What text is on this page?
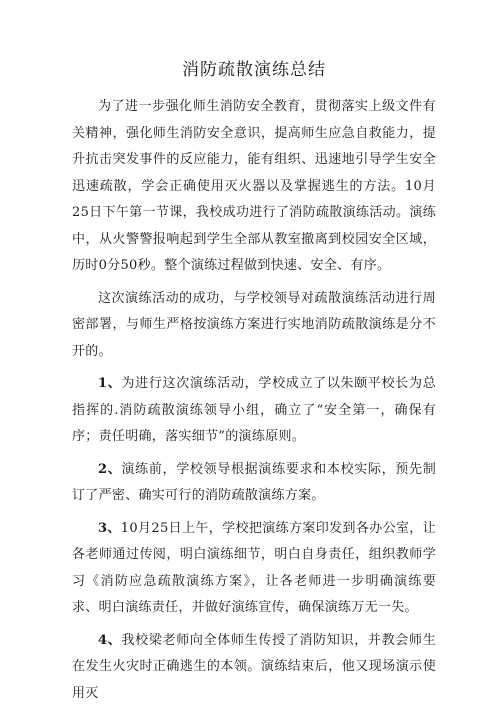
消防疏散演练总结

为了进一步强化师生消防安全教育，贯彻落实上级文件有关精神，强化师生消防安全意识，提高师生应急自救能力，提升抗击突发事件的反应能力，能有组织、迅速地引导学生安全迅速疏散，学会正确使用灭火器以及掌握逃生的方法。10月25日下午第一节课，我校成功进行了消防疏散演练活动。演练中，从火警警报响起到学生全部从教室撤离到校园安全区域，历时0分50秒。整个演练过程做到快速、安全、有序。

这次演练活动的成功，与学校领导对疏散演练活动进行周密部署，与师生严格按演练方案进行实地消防疏散演练是分不开的。

1、为进行这次演练活动，学校成立了以朱颐平校长为总指挥的.消防疏散演练领导小组，确立了“安全第一，确保有序；责任明确，落实细节”的演练原则。

2、演练前，学校领导根据演练要求和本校实际，预先制订了严密、确实可行的消防疏散演练方案。

3、10月25日上午，学校把演练方案印发到各办公室，让各老师通过传阅，明白演练细节，明白自身责任，组织教师学习《消防应急疏散演练方案》，让各老师进一步明确演练要求、明白演练责任，并做好演练宣传，确保演练万无一失。

4、我校梁老师向全体师生传授了消防知识，并教会师生在发生火灾时正确逃生的本领。演练结束后，他又现场演示使用灭
